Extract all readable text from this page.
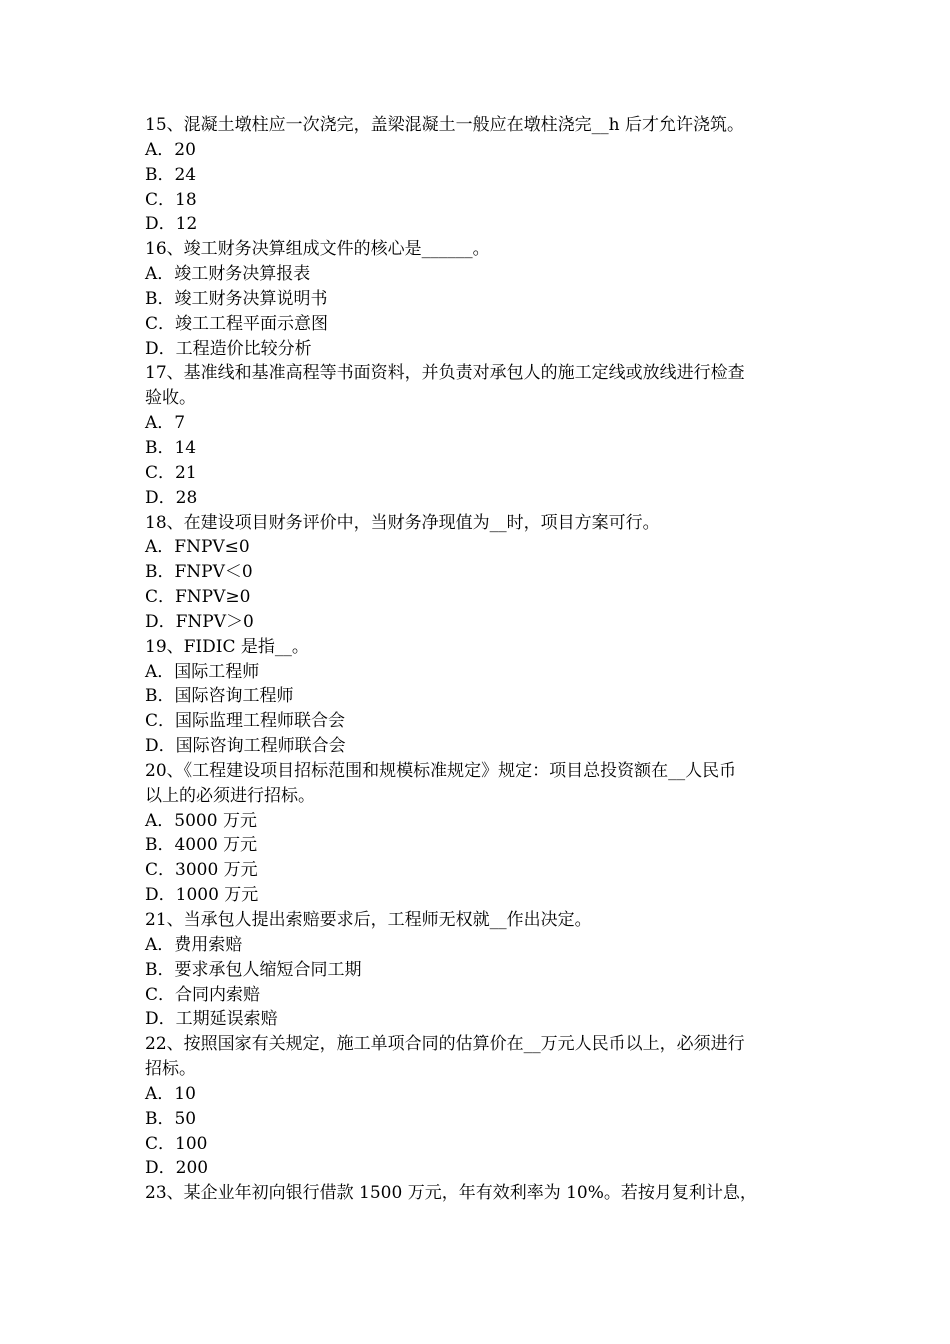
15、混凝土墩柱应一次浇完，盖梁混凝土一般应在墩柱浇完__h 后才允许浇筑。
A．20
B．24
C．18
D．12
16、竣工财务决算组成文件的核心是______。
A．竣工财务决算报表
B．竣工财务决算说明书
C．竣工工程平面示意图
D．工程造价比较分析
17、基准线和基准高程等书面资料，并负责对承包人的施工定线或放线进行检查
验收。
A．7
B．14
C．21
D．28
18、在建设项目财务评价中，当财务净现值为__时，项目方案可行。
A．FNPV≤0
B．FNPV＜0
C．FNPV≥0
D．FNPV＞0
19、FIDIC 是指__。
A．国际工程师
B．国际咨询工程师
C．国际监理工程师联合会
D．国际咨询工程师联合会
20、《工程建设项目招标范围和规模标准规定》规定：项目总投资额在__人民币
以上的必须进行招标。
A．5000 万元
B．4000 万元
C．3000 万元
D．1000 万元
21、当承包人提出索赔要求后，工程师无权就__作出决定。
A．费用索赔
B．要求承包人缩短合同工期
C．合同内索赔
D．工期延误索赔
22、按照国家有关规定，施工单项合同的估算价在__万元人民币以上，必须进行
招标。
A．10
B．50
C．100
D．200
23、某企业年初向银行借款 1500 万元，年有效利率为 10%。若按月复利计息，
